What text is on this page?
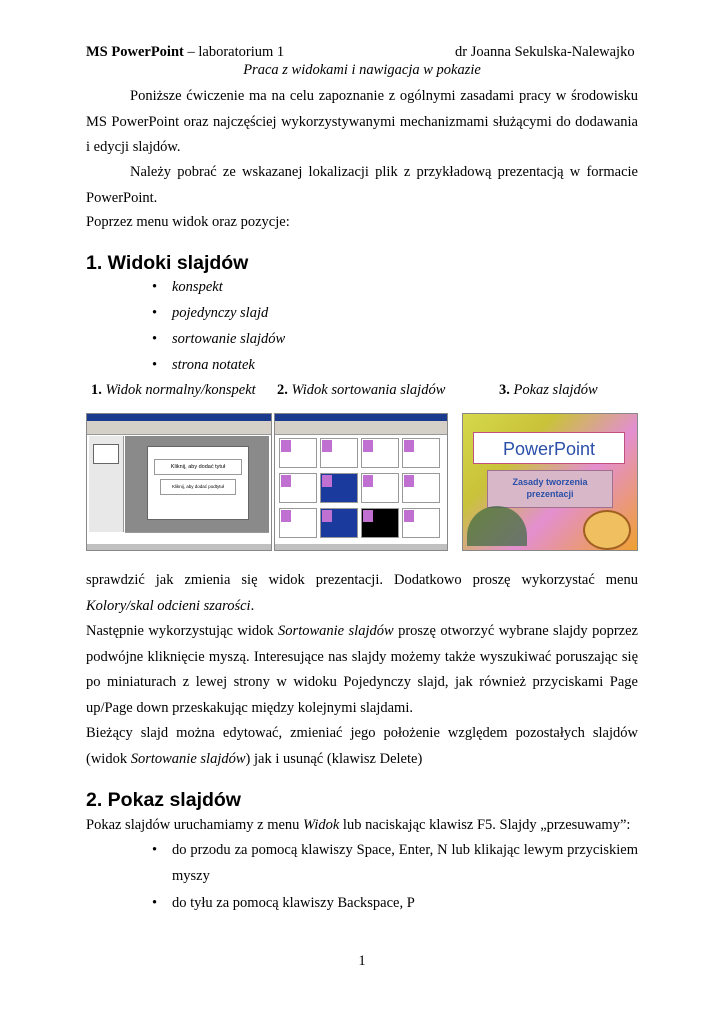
MS PowerPoint – laboratorium 1	dr Joanna Sekulska-Nalewajko
Praca z widokami i nawigacja w pokazie
Poniższe ćwiczenie ma na celu zapoznanie z ogólnymi zasadami pracy w środowisku MS PowerPoint oraz najczęściej wykorzystywanymi mechanizmami służącymi do dodawania i edycji slajdów.
Należy pobrać ze wskazanej lokalizacji plik z przykładową prezentacją w formacie PowerPoint.
Poprzez menu widok oraz pozycje:
1. Widoki slajdów
• konspekt
• pojedynczy slajd
• sortowanie slajdów
• strona notatek
1. Widok normalny/konspekt 2. Widok sortowania slajdów	3. Pokaz slajdów
Kliknij, aby dodać tytuł
Kliknij, aby dodać podtytuł
PowerPoint
Zasady tworzenia
prezentacji
sprawdzić jak zmienia się widok prezentacji. Dodatkowo proszę wykorzystać menu Kolory/skal odcieni szarości.
Następnie wykorzystując widok Sortowanie slajdów proszę otworzyć wybrane slajdy poprzez podwójne kliknięcie myszą. Interesujące nas slajdy możemy także wyszukiwać poruszając się po miniaturach z lewej strony w widoku Pojedynczy slajd, jak również przyciskami Page up/Page down przeskakując między kolejnymi slajdami.
Bieżący slajd można edytować, zmieniać jego położenie względem pozostałych slajdów (widok Sortowanie slajdów) jak i usunąć (klawisz Delete)
2. Pokaz slajdów
Pokaz slajdów uruchamiamy z menu Widok lub naciskając klawisz F5. Slajdy „przesuwamy”:
• do przodu za pomocą klawiszy Space, Enter, N lub klikając lewym przyciskiem myszy
• do tyłu za pomocą klawiszy Backspace, P
1
